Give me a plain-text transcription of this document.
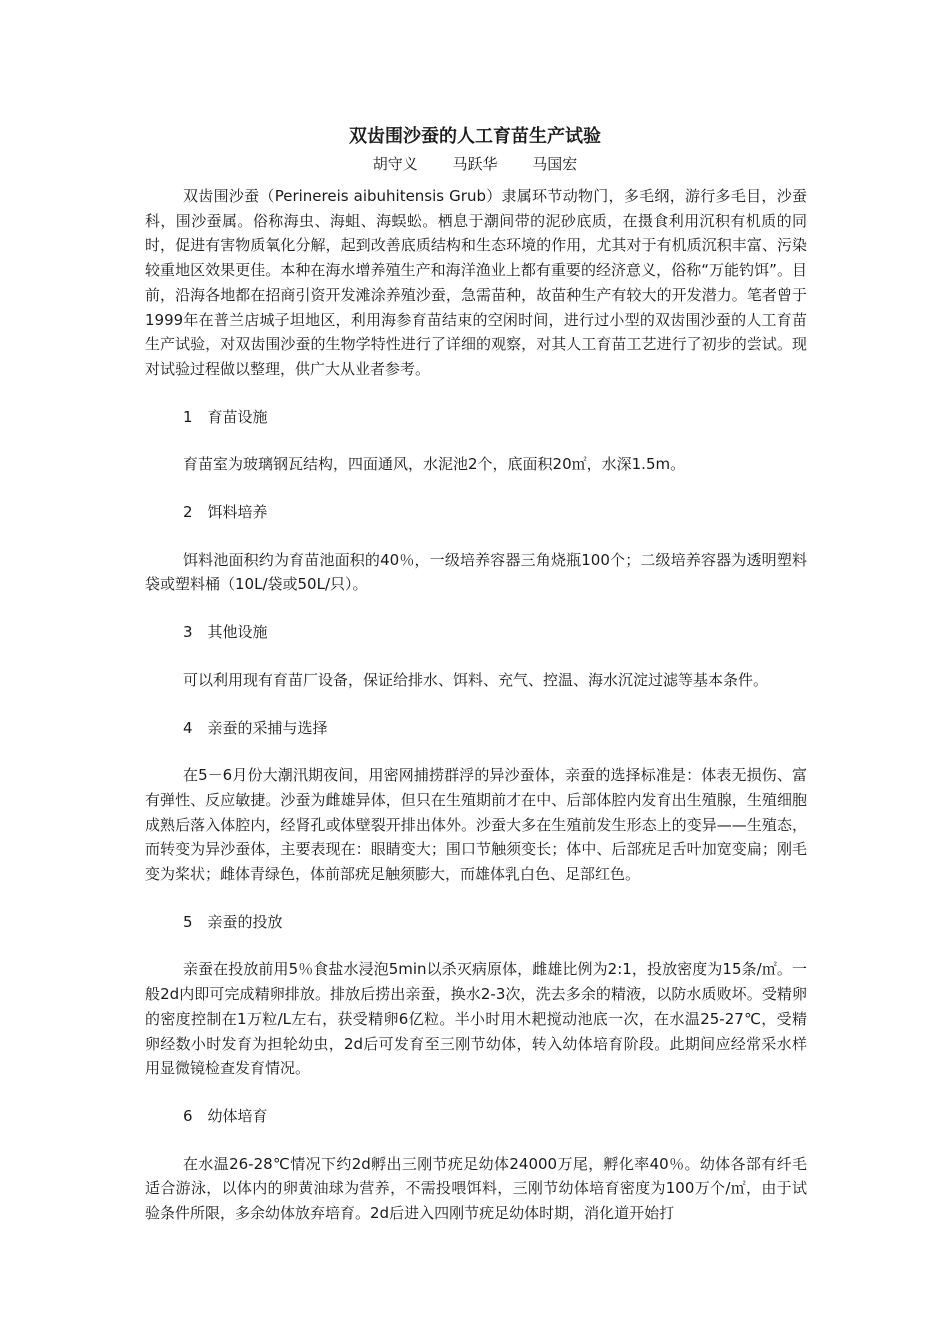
双齿围沙蚕的人工育苗生产试验
胡守义 马跃华 马国宏

双齿围沙蚕（Perinereis aibuhitensis Grub）隶属环节动物门，多毛纲，游行多毛目，沙蚕科，围沙蚕属。俗称海虫、海蛆、海蜈蚣。栖息于潮间带的泥砂底质，在摄食利用沉积有机质的同时，促进有害物质氧化分解，起到改善底质结构和生态环境的作用，尤其对于有机质沉积丰富、污染较重地区效果更佳。本种在海水增养殖生产和海洋渔业上都有重要的经济意义，俗称“万能钓饵”。目前，沿海各地都在招商引资开发滩涂养殖沙蚕，急需苗种，故苗种生产有较大的开发潜力。笔者曾于1999年在普兰店城子坦地区，利用海参育苗结束的空闲时间，进行过小型的双齿围沙蚕的人工育苗生产试验，对双齿围沙蚕的生物学特性进行了详细的观察，对其人工育苗工艺进行了初步的尝试。现对试验过程做以整理，供广大从业者参考。

1　育苗设施

育苗室为玻璃钢瓦结构，四面通风，水泥池2个，底面积20㎡，水深1.5m。

2　饵料培养

饵料池面积约为育苗池面积的40％，一级培养容器三角烧瓶100个；二级培养容器为透明塑料袋或塑料桶（10L/袋或50L/只）。

3　其他设施

可以利用现有育苗厂设备，保证给排水、饵料、充气、控温、海水沉淀过滤等基本条件。

4　亲蚕的采捕与选择

在5－6月份大潮汛期夜间，用密网捕捞群浮的异沙蚕体，亲蚕的选择标准是：体表无损伤、富有弹性、反应敏捷。沙蚕为雌雄异体，但只在生殖期前才在中、后部体腔内发育出生殖腺，生殖细胞成熟后落入体腔内，经肾孔或体壁裂开排出体外。沙蚕大多在生殖前发生形态上的变异——生殖态，而转变为异沙蚕体，主要表现在：眼睛变大；围口节触须变长；体中、后部疣足舌叶加宽变扁；刚毛变为桨状；雌体青绿色，体前部疣足触须膨大，而雄体乳白色、足部红色。

5　亲蚕的投放

亲蚕在投放前用5％食盐水浸泡5min以杀灭病原体，雌雄比例为2:1，投放密度为15条/㎡。一般2d内即可完成精卵排放。排放后捞出亲蚕，换水2-3次，洗去多余的精液，以防水质败坏。受精卵的密度控制在1万粒/L左右，获受精卵6亿粒。半小时用木耙搅动池底一次，在水温25-27℃，受精卵经数小时发育为担轮幼虫，2d后可发育至三刚节幼体，转入幼体培育阶段。此期间应经常采水样用显微镜检查发育情况。

6　幼体培育

在水温26-28℃情况下约2d孵出三刚节疣足幼体24000万尾，孵化率40％。幼体各部有纤毛适合游泳，以体内的卵黄油球为营养，不需投喂饵料，三刚节幼体培育密度为100万个/㎡，由于试验条件所限，多余幼体放弃培育。2d后进入四刚节疣足幼体时期，消化道开始打
